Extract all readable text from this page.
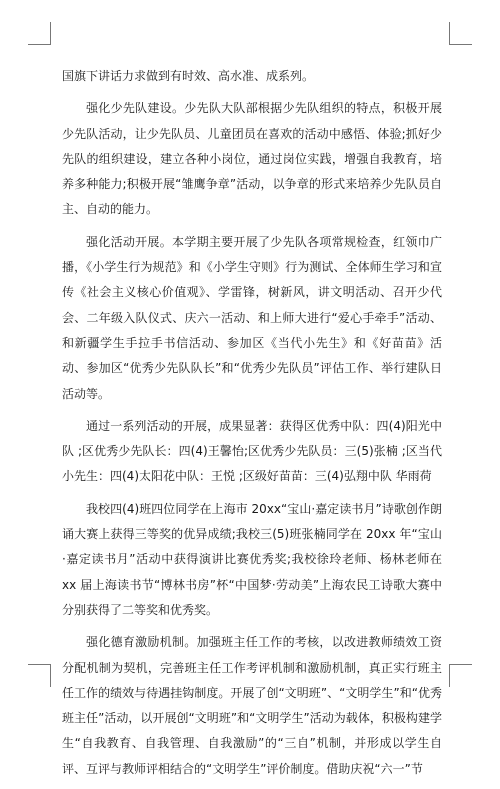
国旗下讲话力求做到有时效、高水准、成系列。

强化少先队建设。少先队大队部根据少先队组织的特点，积极开展少先队活动，让少先队员、儿童团员在喜欢的活动中感悟、体验;抓好少先队的组织建设，建立各种小岗位，通过岗位实践，增强自我教育，培养多种能力;积极开展“雏鹰争章”活动，以争章的形式来培养少先队员自主、自动的能力。

强化活动开展。本学期主要开展了少先队各项常规检查，红领巾广播，《小学生行为规范》和《小学生守则》行为测试、全体师生学习和宣传《社会主义核心价值观》、学雷锋，树新风，讲文明活动、召开少代会、二年级入队仪式、庆六一活动、和上师大进行“爱心手牵手”活动、和新疆学生手拉手书信活动、参加区《当代小先生》和《好苗苗》活动、参加区“优秀少先队队长”和“优秀少先队员”评估工作、举行建队日活动等。

通过一系列活动的开展，成果显著：获得区优秀中队：四(4)阳光中队 ;区优秀少先队长：四(4)王馨怡;区优秀少先队员：三(5)张楠 ;区当代小先生：四(4)太阳花中队：王悦 ;区级好苗苗：三(4)弘翔中队 华雨荷

我校四(4)班四位同学在上海市 20xx“宝山·嘉定读书月”诗歌创作朗诵大赛上获得三等奖的优异成绩;我校三(5)班张楠同学在 20xx 年“宝山·嘉定读书月”活动中获得演讲比赛优秀奖;我校徐玲老师、杨林老师在 xx 届上海读书节“博林书房”杯“中国梦·劳动美”上海农民工诗歌大赛中分别获得了二等奖和优秀奖。

强化德育激励机制。加强班主任工作的考核，以改进教师绩效工资分配机制为契机，完善班主任工作考评机制和激励机制，真正实行班主任工作的绩效与待遇挂钩制度。开展了创“文明班”、“文明学生”和“优秀班主任”活动，以开展创“文明班”和“文明学生”活动为载体，积极构建学生“自我教育、自我管理、自我激励”的“三自”机制，并形成以学生自评、互评与教师评相结合的“文明学生”评价制度。借助庆祝“六一”节
